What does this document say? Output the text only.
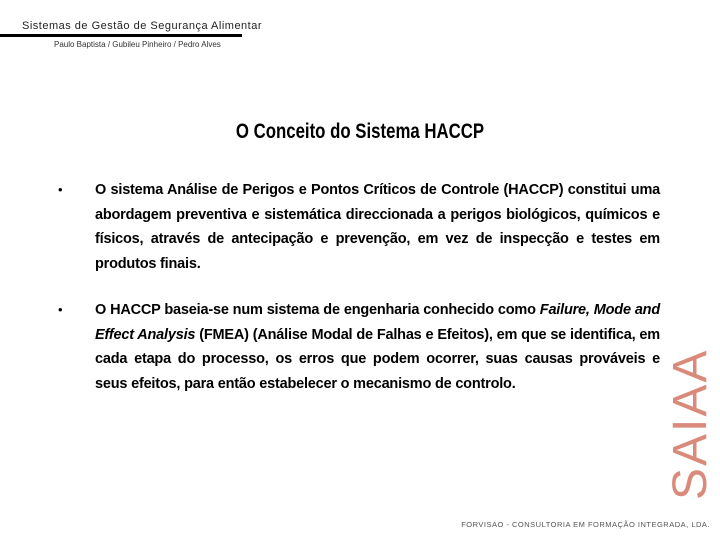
Sistemas de Gestão de Segurança Alimentar
Paulo Baptista / Gubileu Pinheiro / Pedro Alves
O Conceito do Sistema HACCP
• O sistema Análise de Perigos e Pontos Críticos de Controle (HACCP) constitui uma abordagem preventiva e sistemática direccionada a perigos biológicos, químicos e físicos, através de antecipação e prevenção, em vez de inspecção e testes em produtos finais.
• O HACCP baseia-se num sistema de engenharia conhecido como Failure, Mode and Effect Analysis (FMEA) (Análise Modal de Falhas e Efeitos), em que se identifica, em cada etapa do processo, os erros que podem ocorrer, suas causas prováveis e seus efeitos, para então estabelecer o mecanismo de controlo.	SAIAA
FORVISAO - CONSULTORIA EM FORMAÇÃO INTEGRADA, LDA.
